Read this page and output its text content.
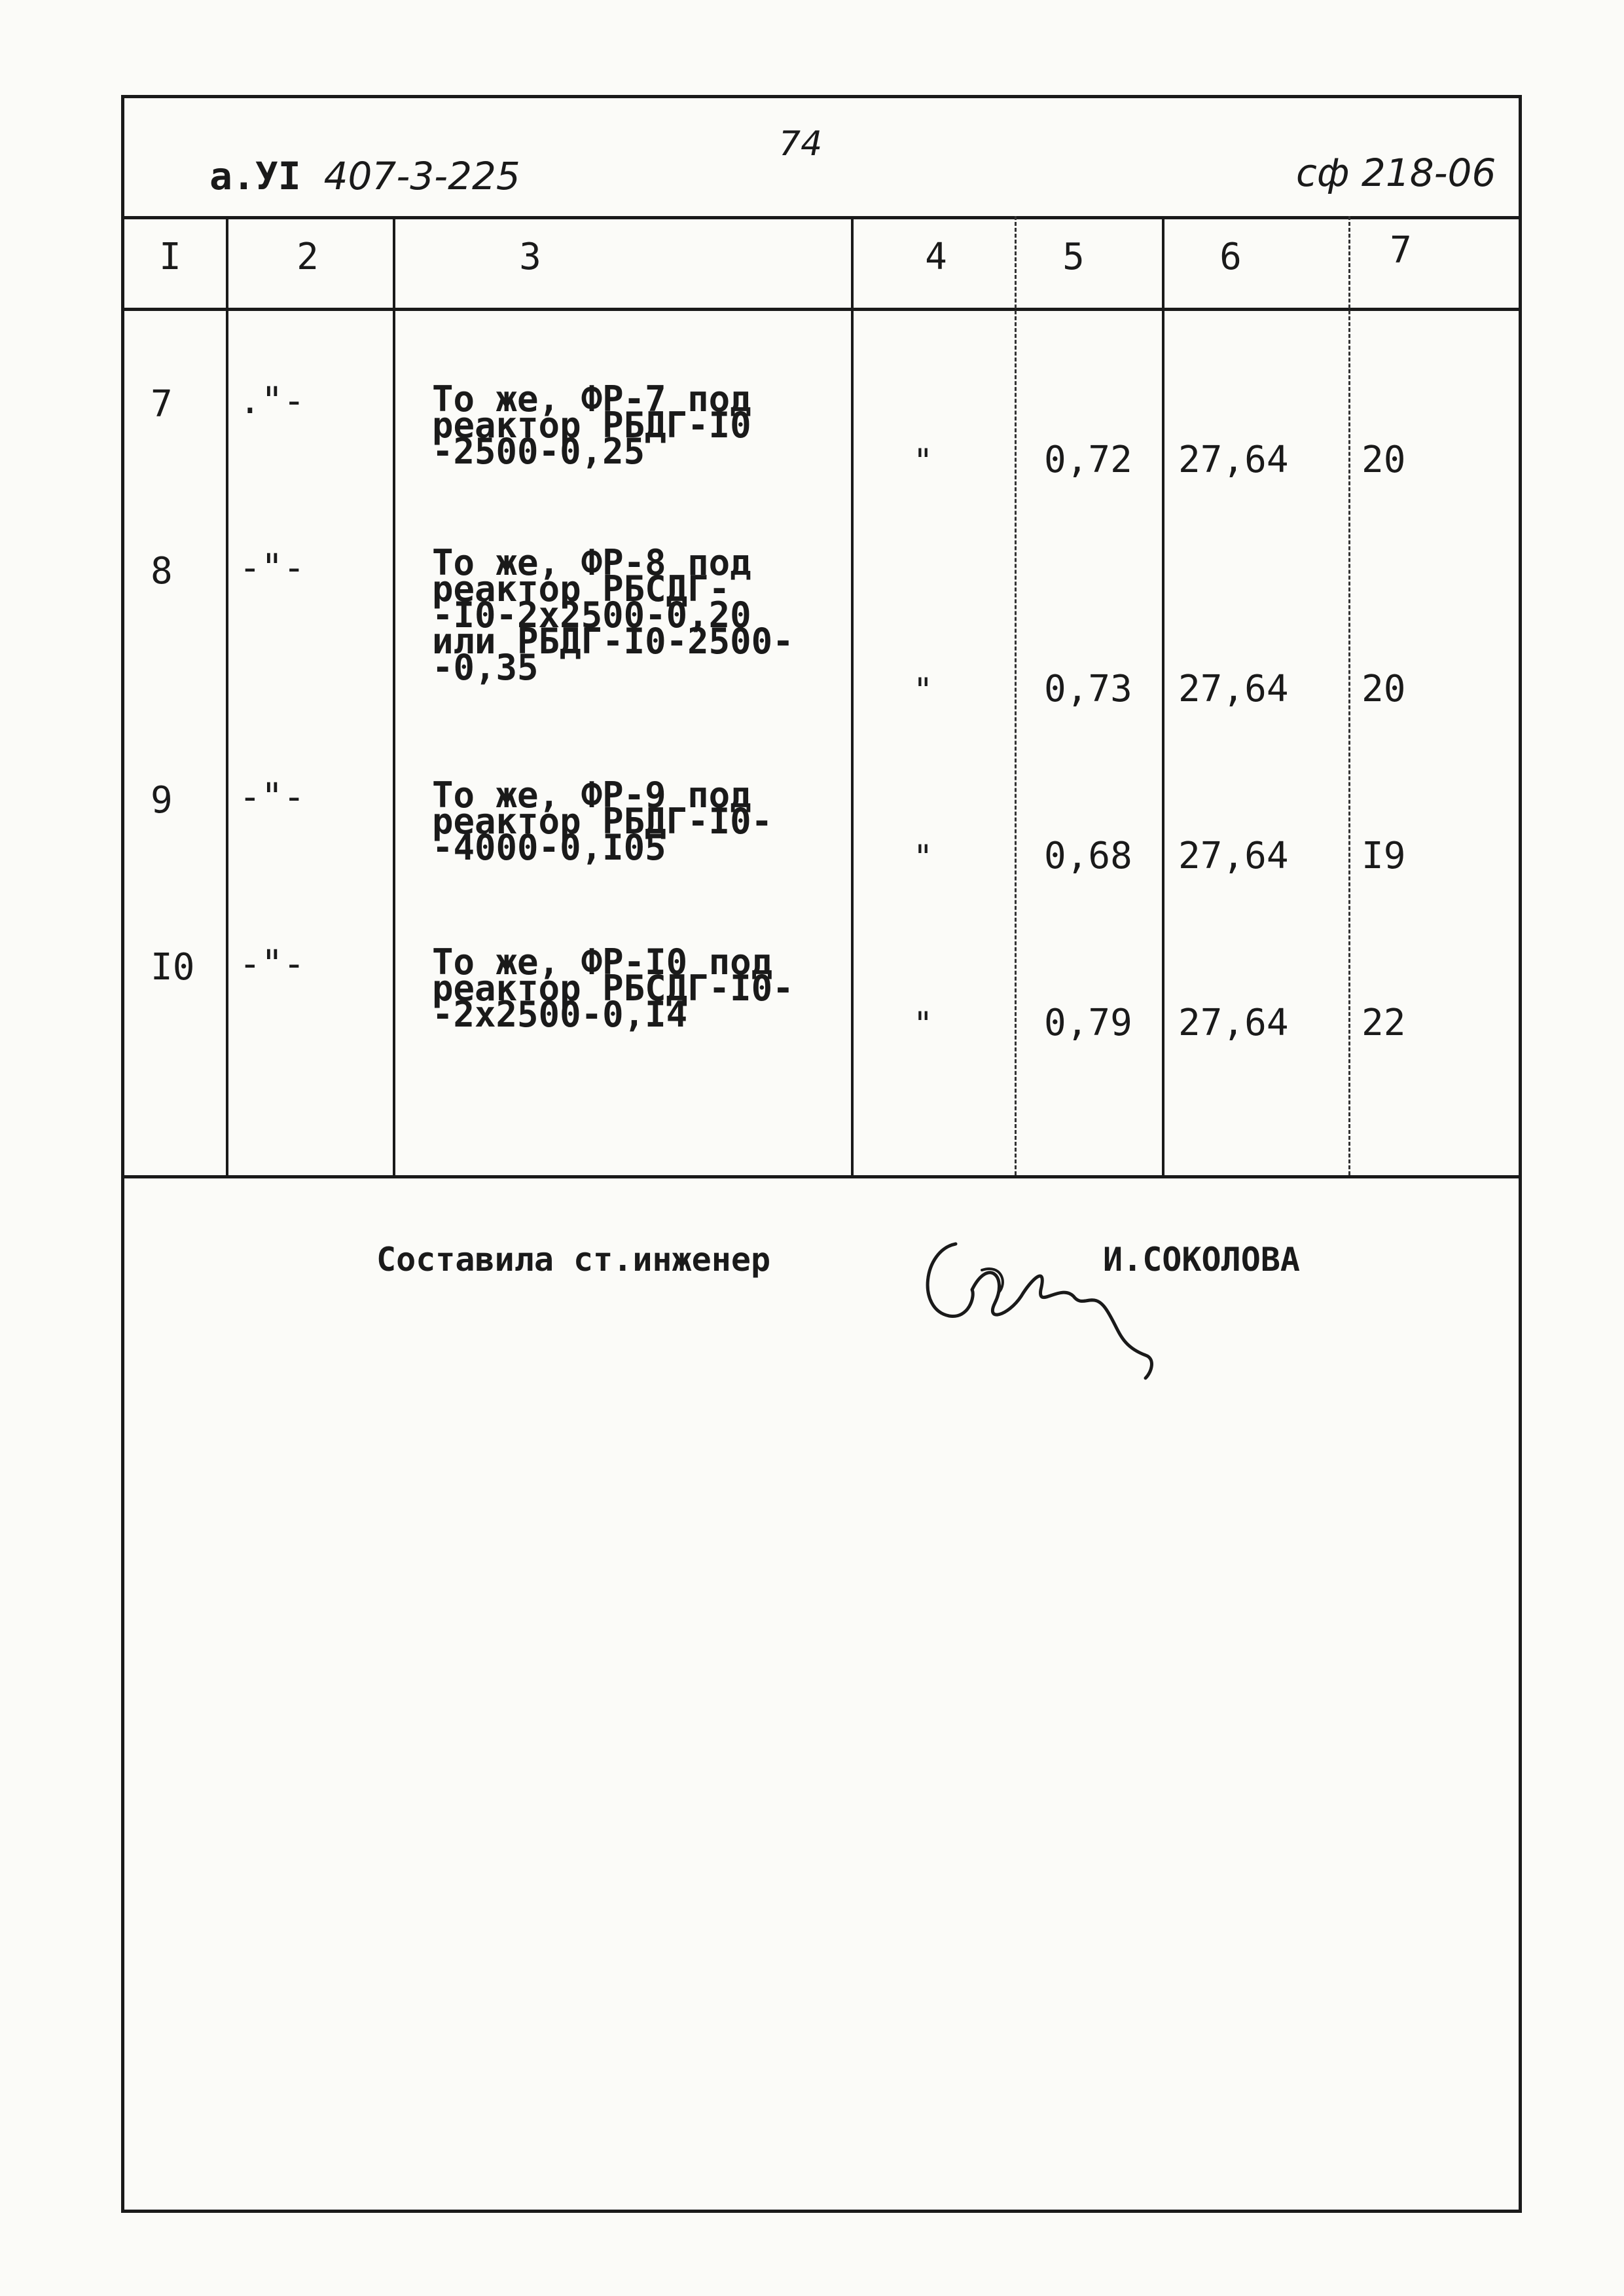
а.УI 407-3-225
74
сф 218-06
I	2	3	4	5	6	7
7 ."-	То же, ФР-7 под
реактор РБДГ-I0
-2500-0,25	"	0,72 27,64 20
8 -"-	То же, ФР-8 под
реактор РБСДГ-
-I0-2х2500-0,20
или РБДГ-I0-2500-
-0,35
"	0,73 27,64 20
9 -"-	То же, ФР-9 под
реактор РБДГ-I0-
-4000-0,I05	"	0,68 27,64 I9
I0 -"-	То же, ФР-I0 под
реактор РБСДГ-I0-
-2х2500-0,I4	"	0,79 27,64 22
Составила ст.инженер	И.СОКОЛОВА
